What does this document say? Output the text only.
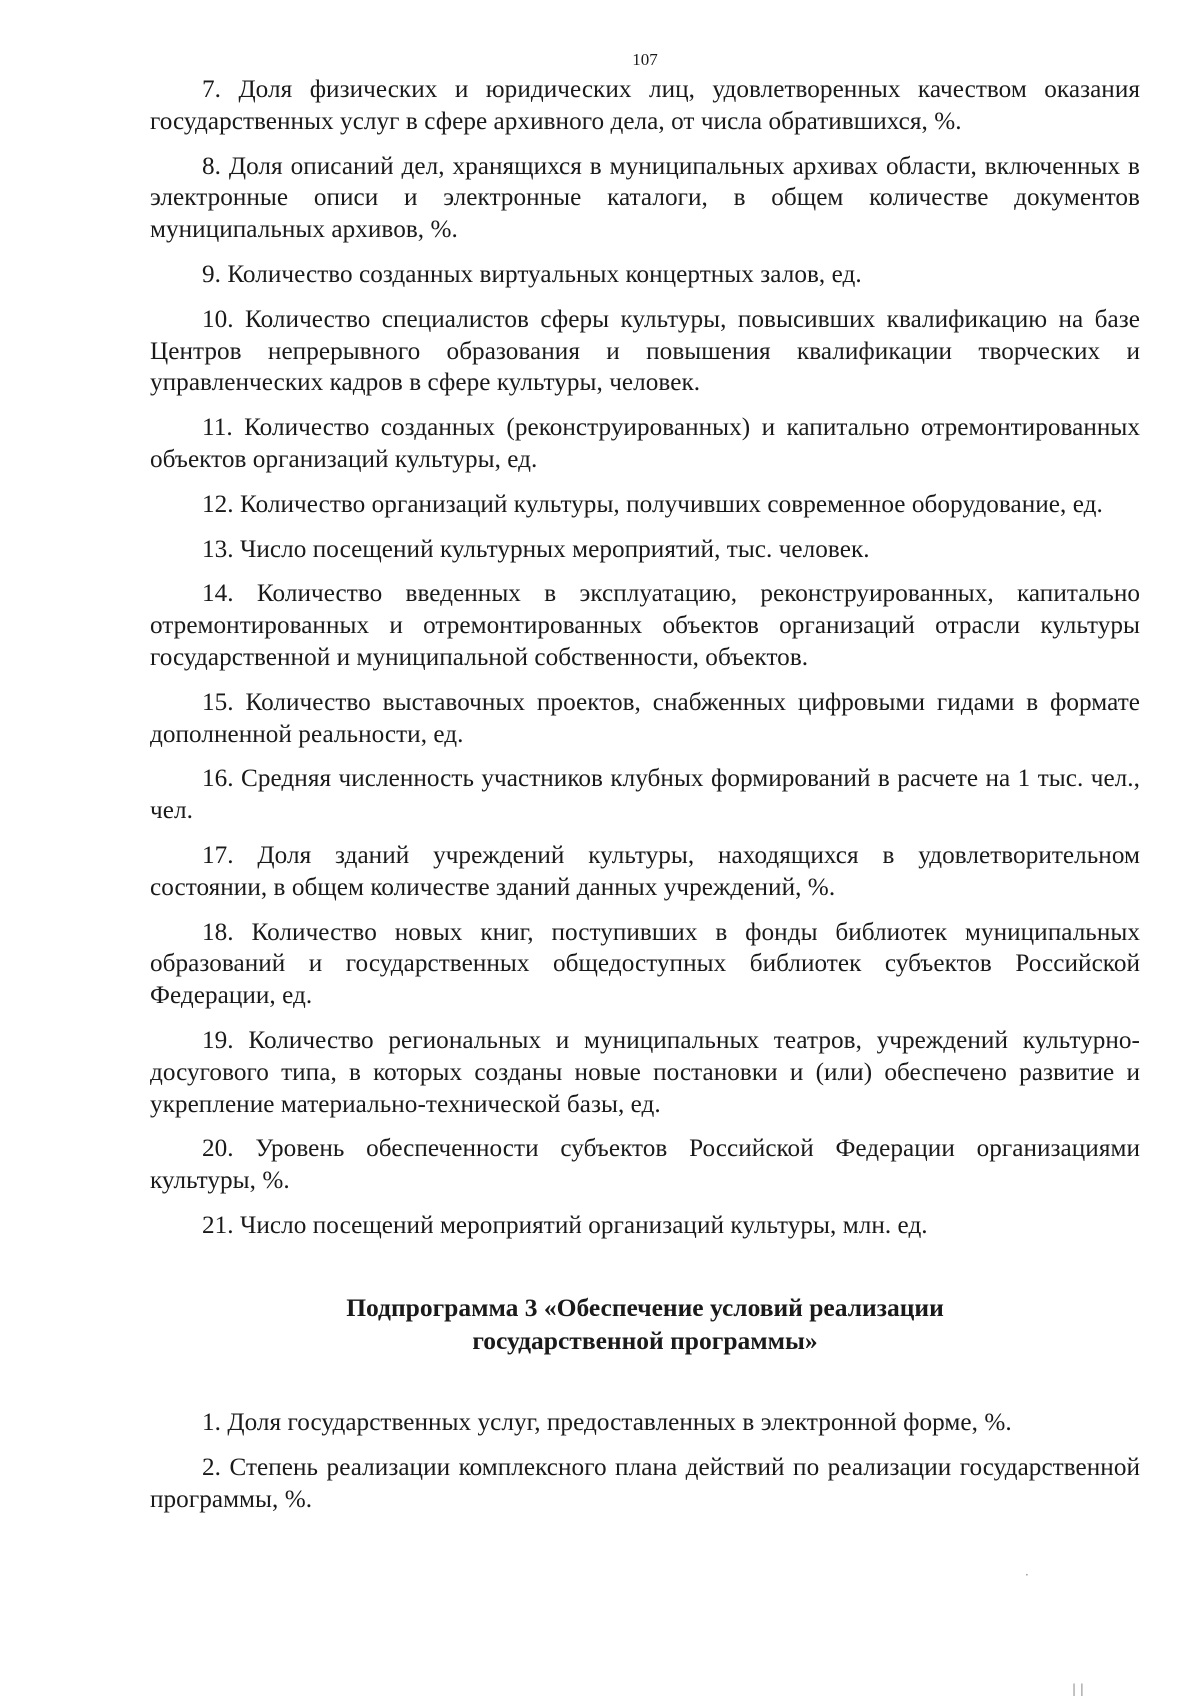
107

7. Доля физических и юридических лиц, удовлетворенных качеством оказания государственных услуг в сфере архивного дела, от числа обратившихся, %.

8. Доля описаний дел, хранящихся в муниципальных архивах области, включенных в электронные описи и электронные каталоги, в общем количестве документов муниципальных архивов, %.

9. Количество созданных виртуальных концертных залов, ед.

10. Количество специалистов сферы культуры, повысивших квалификацию на базе Центров непрерывного образования и повышения квалификации творческих и управленческих кадров в сфере культуры, человек.

11. Количество созданных (реконструированных) и капитально отремонтированных объектов организаций культуры, ед.

12. Количество организаций культуры, получивших современное оборудование, ед.

13. Число посещений культурных мероприятий, тыс. человек.

14. Количество введенных в эксплуатацию, реконструированных, капитально отремонтированных и отремонтированных объектов организаций отрасли культуры государственной и муниципальной собственности, объектов.

15. Количество выставочных проектов, снабженных цифровыми гидами в формате дополненной реальности, ед.

16. Средняя численность участников клубных формирований в расчете на 1 тыс. чел., чел.

17. Доля зданий учреждений культуры, находящихся в удовлетворительном состоянии, в общем количестве зданий данных учреждений, %.

18. Количество новых книг, поступивших в фонды библиотек муниципальных образований и государственных общедоступных библиотек субъектов Российской Федерации, ед.

19. Количество региональных и муниципальных театров, учреждений культурно-досугового типа, в которых созданы новые постановки и (или) обеспечено развитие и укрепление материально-технической базы, ед.

20. Уровень обеспеченности субъектов Российской Федерации организациями культуры, %.

21. Число посещений мероприятий организаций культуры, млн. ед.

Подпрограмма 3 «Обеспечение условий реализации
государственной программы»

1. Доля государственных услуг, предоставленных в электронной форме, %.

2. Степень реализации комплексного плана действий по реализации государственной программы, %.

·
| |
